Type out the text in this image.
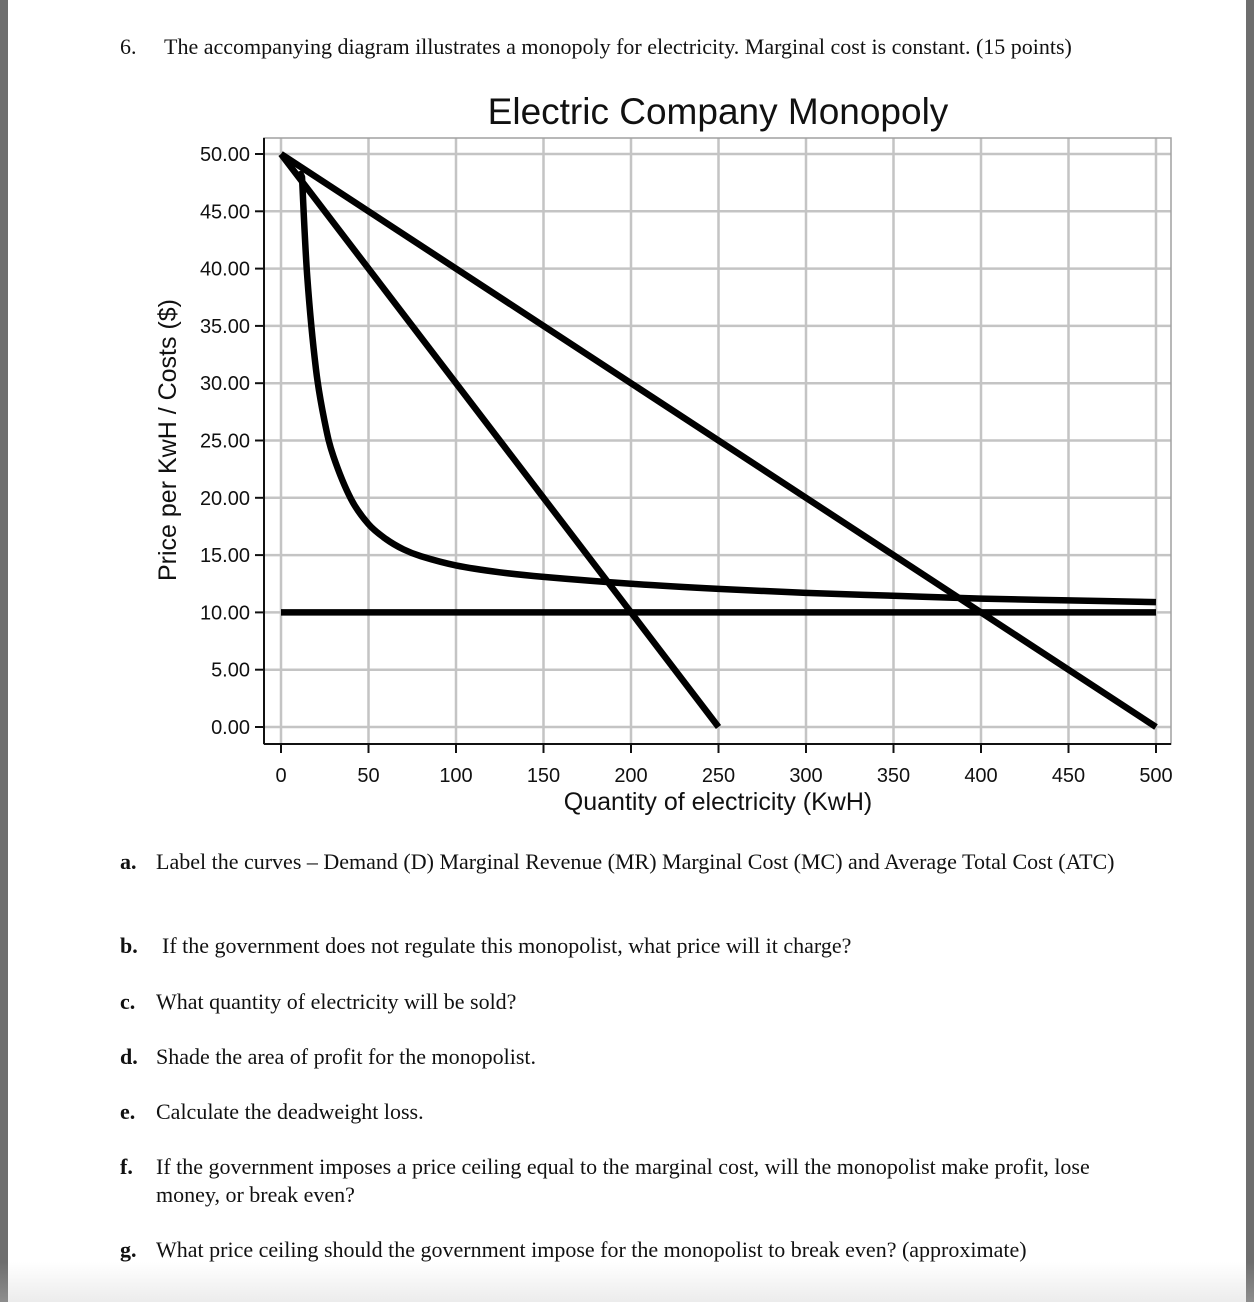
6. The accompanying diagram illustrates a monopoly for electricity. Marginal cost is constant. (15 points)
Electric Company Monopoly
0.00
5.00
10.00
15.00
20.00
25.00
30.00
35.00
40.00
45.00
50.00
0	50	100	150	200	250	300	350	400	450	500
Quantity of electricity (KwH)
Price per KwH / Costs ($)
a. Label the curves – Demand (D) Marginal Revenue (MR) Marginal Cost (MC) and Average Total Cost (ATC)
b. If the government does not regulate this monopolist, what price will it charge?
c. What quantity of electricity will be sold?
d. Shade the area of profit for the monopolist.
e. Calculate the deadweight loss.
f. If the government imposes a price ceiling equal to the marginal cost, will the monopolist make profit, lose money, or break even?
g. What price ceiling should the government impose for the monopolist to break even? (approximate)
